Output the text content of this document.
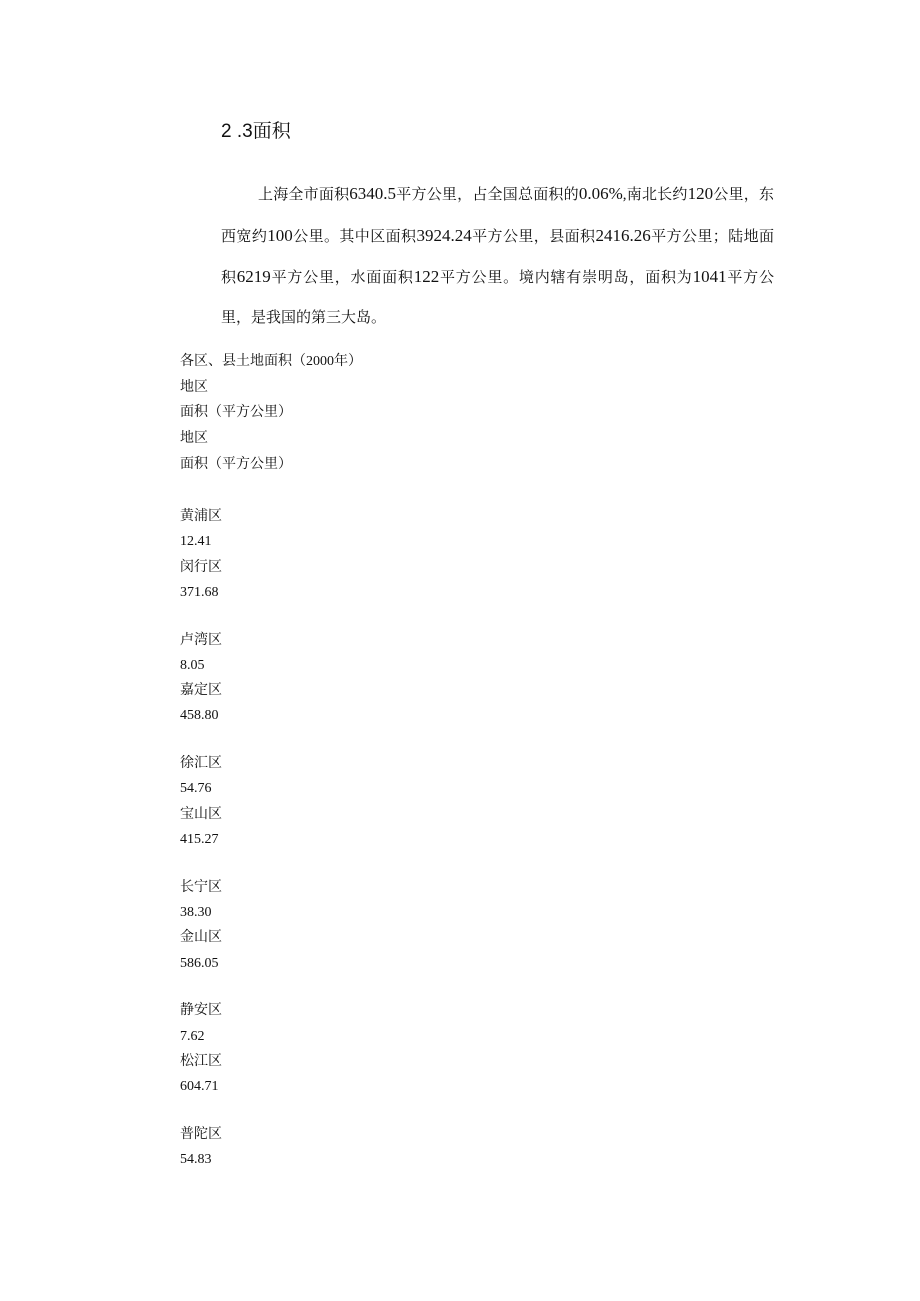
2 .3面积

上海全市面积6340.5平方公里，占全国总面积的0.06%,南北长约120公里，东西宽约100公里。其中区面积3924.24平方公里，县面积2416.26平方公里；陆地面积6219平方公里，水面面积122平方公里。境内辖有崇明岛，面积为1041平方公里，是我国的第三大岛。

各区、县土地面积（2000年）
地区
面积（平方公里）
地区
面积（平方公里）
黄浦区
12.41
闵行区
371.68
卢湾区
8.05
嘉定区
458.80
徐汇区
54.76
宝山区
415.27
长宁区
38.30
金山区
586.05
静安区
7.62
松江区
604.71
普陀区
54.83
